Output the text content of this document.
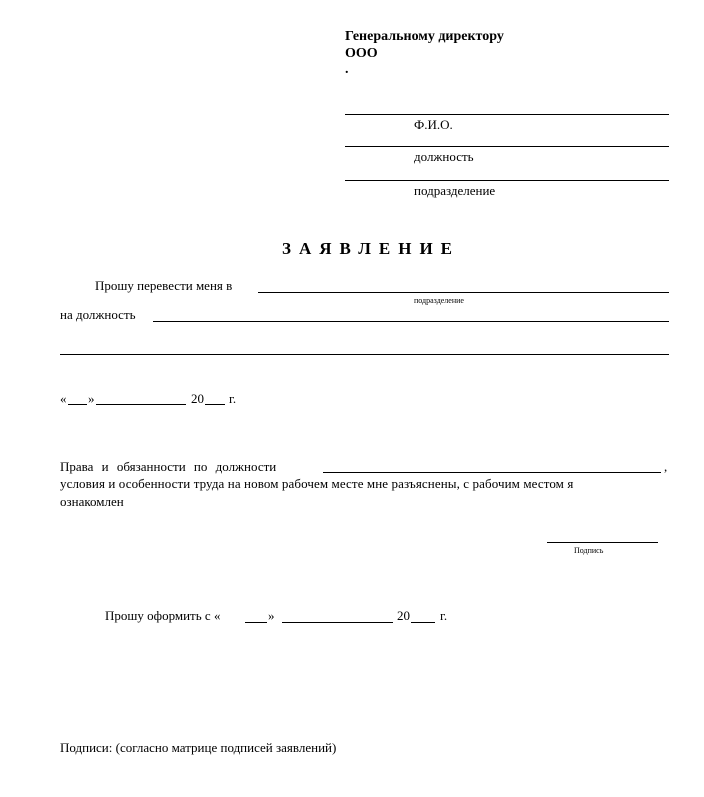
Генеральному директору
ООО
.
Ф.И.О.
должность
подразделение
ЗАЯВЛЕНИЕ
Прошу перевести меня в
подразделение
на должность
« »	20 г.
Права и обязанности по должности	,
условия и особенности труда на новом рабочем месте мне разъяснены, с рабочим местом я
ознакомлен
Подпись
Прошу оформить с «	»	20 г.
Подписи: (согласно матрице подписей заявлений)
